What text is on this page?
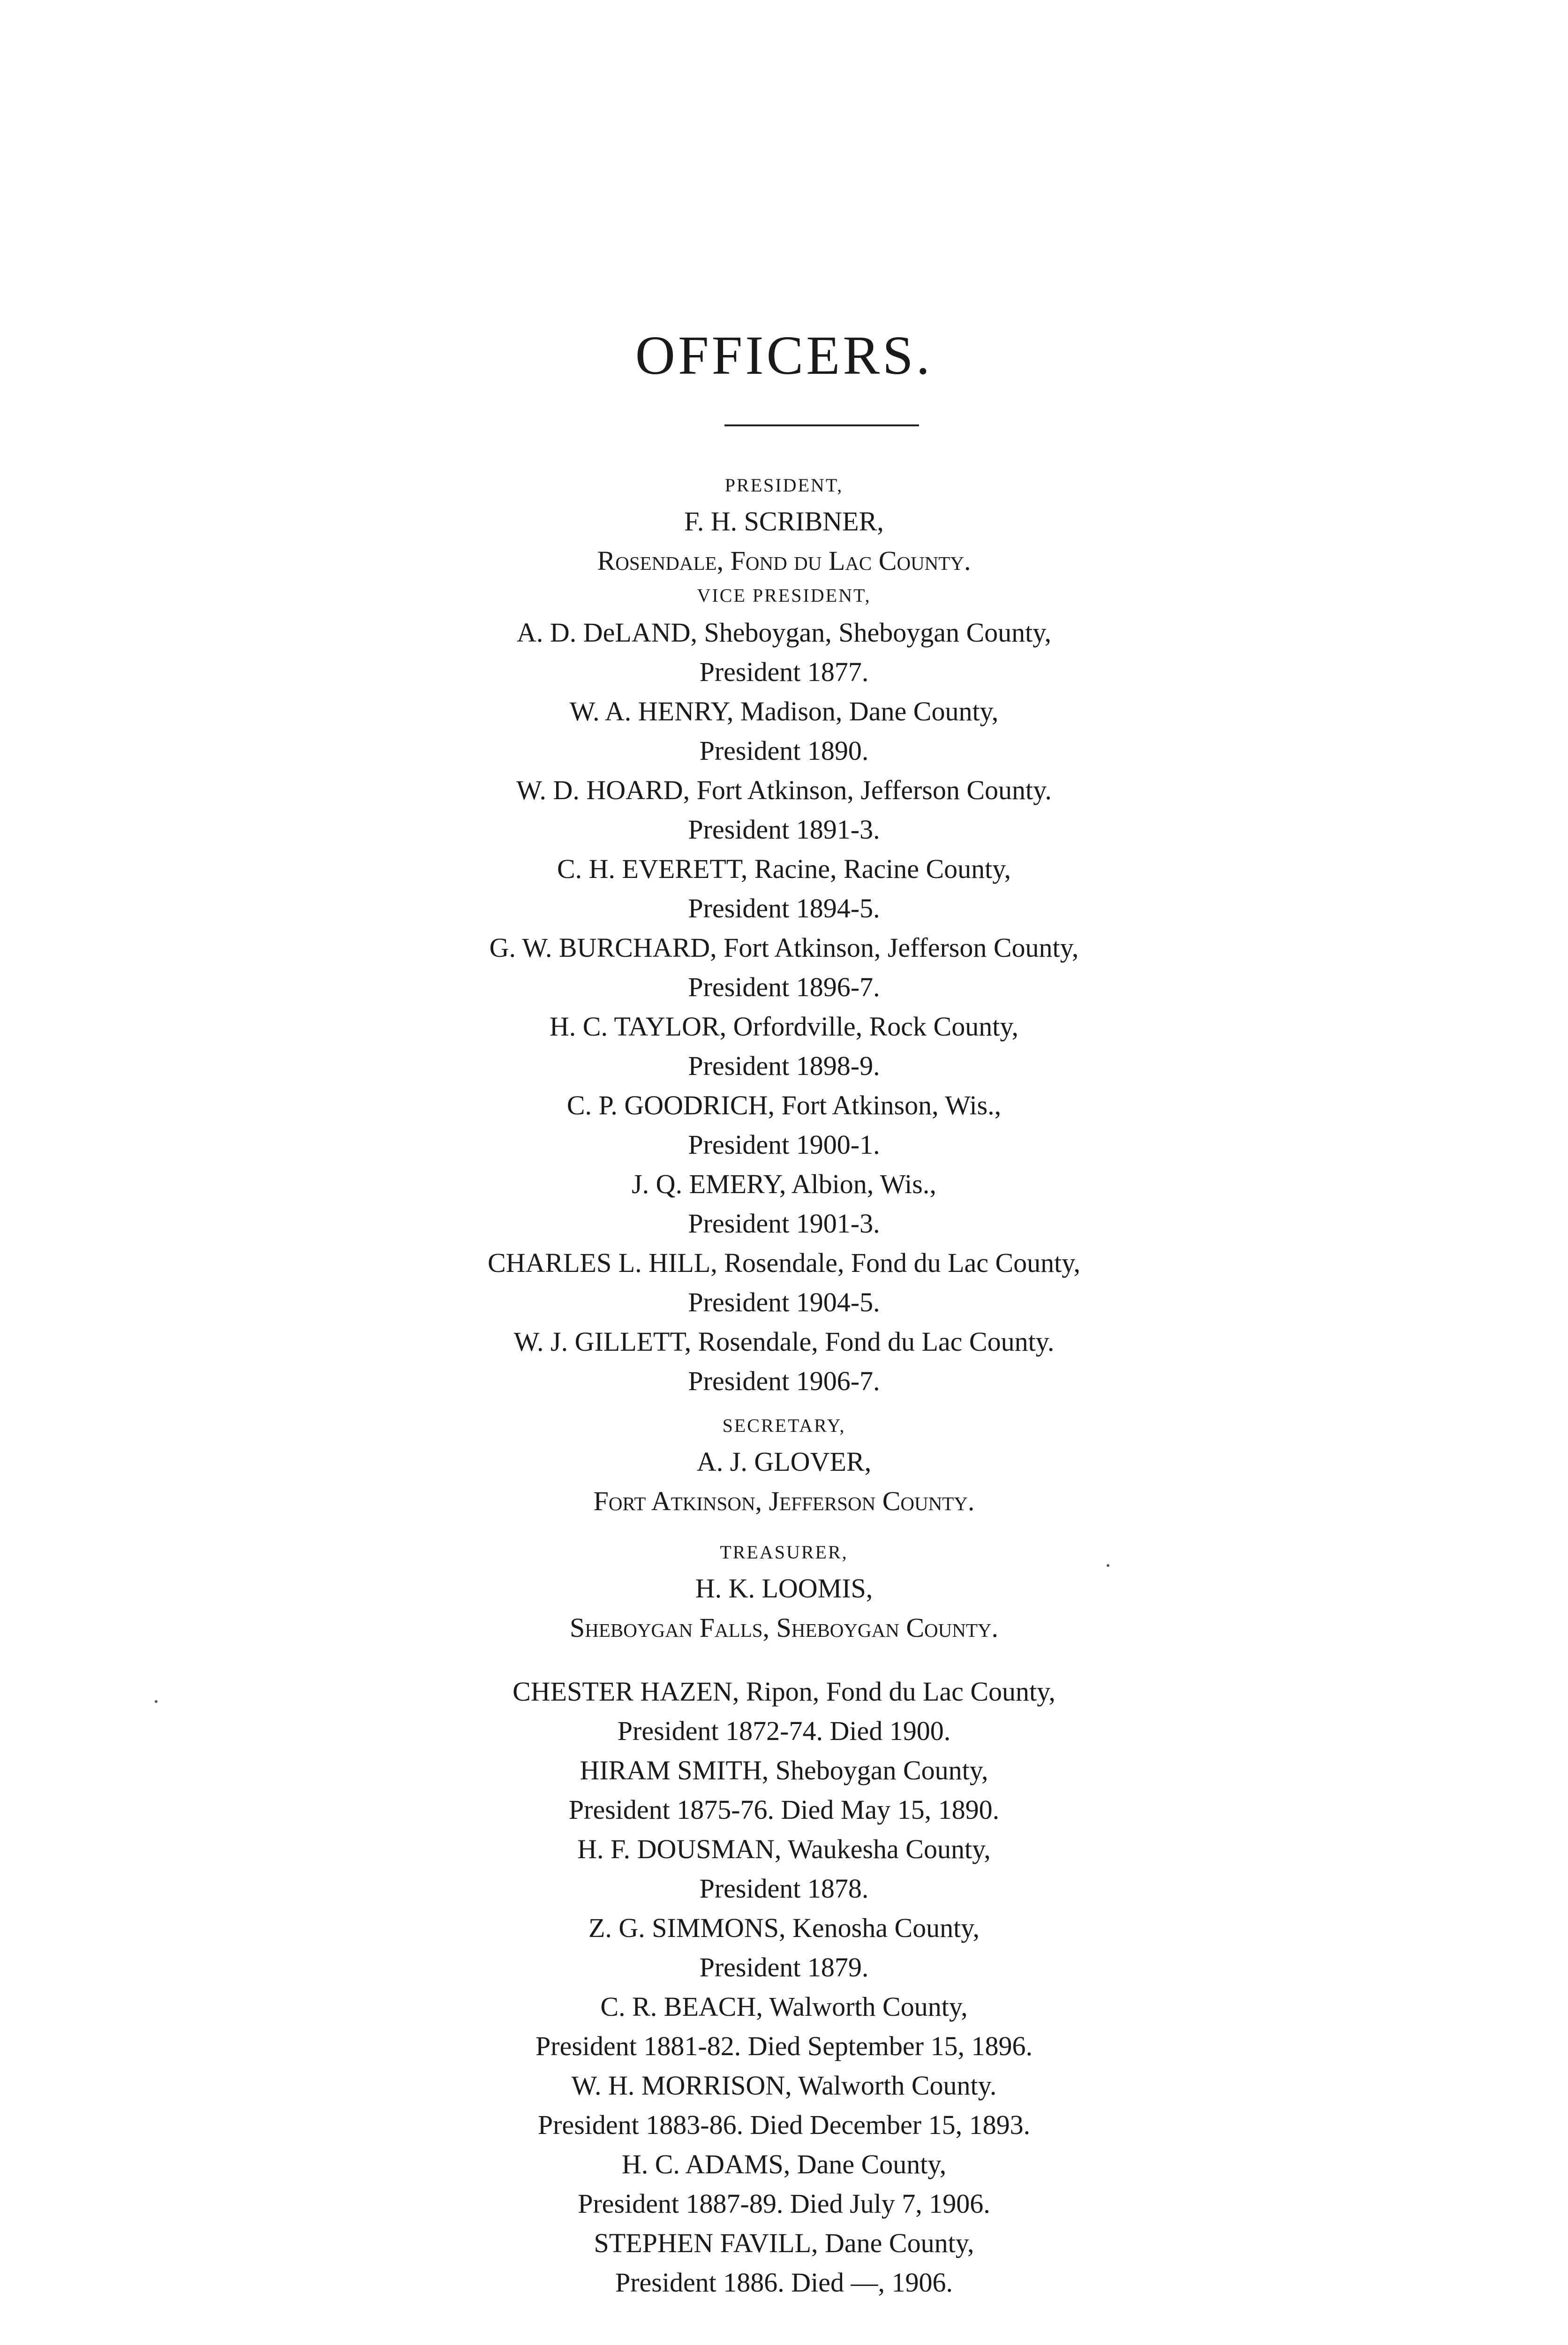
OFFICERS.
PRESIDENT,
F. H. SCRIBNER,
Rosendale, Fond du Lac County.
VICE PRESIDENT,
A. D. DeLAND, Sheboygan, Sheboygan County,
President 1877.
W. A. HENRY, Madison, Dane County,
President 1890.
W. D. HOARD, Fort Atkinson, Jefferson County.
President 1891-3.
C. H. EVERETT, Racine, Racine County,
President 1894-5.
G. W. BURCHARD, Fort Atkinson, Jefferson County,
President 1896-7.
H. C. TAYLOR, Orfordville, Rock County,
President 1898-9.
C. P. GOODRICH, Fort Atkinson, Wis.,
President 1900-1.
J. Q. EMERY, Albion, Wis.,
President 1901-3.
CHARLES L. HILL, Rosendale, Fond du Lac County,
President 1904-5.
W. J. GILLETT, Rosendale, Fond du Lac County.
President 1906-7.
SECRETARY,
A. J. GLOVER,
Fort Atkinson, Jefferson County.
TREASURER,
H. K. LOOMIS,
Sheboygan Falls, Sheboygan County.
CHESTER HAZEN, Ripon, Fond du Lac County,
President 1872-74. Died 1900.
HIRAM SMITH, Sheboygan County,
President 1875-76. Died May 15, 1890.
H. F. DOUSMAN, Waukesha County,
President 1878.
Z. G. SIMMONS, Kenosha County,
President 1879.
C. R. BEACH, Walworth County,
President 1881-82. Died September 15, 1896.
W. H. MORRISON, Walworth County.
President 1883-86. Died December 15, 1893.
H. C. ADAMS, Dane County,
President 1887-89. Died July 7, 1906.
STEPHEN FAVILL, Dane County,
President 1886. Died —, 1906.
